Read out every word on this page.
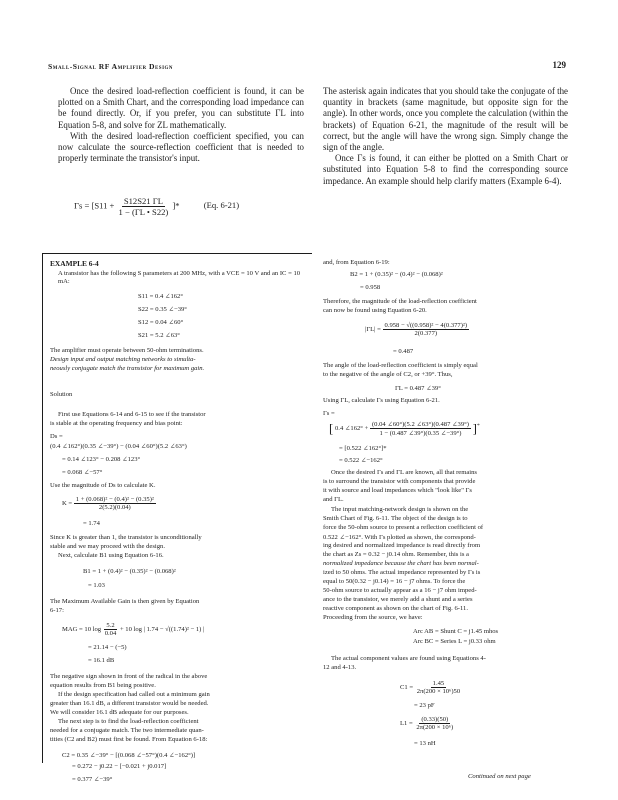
Small-Signal RF Amplifier Design	129

Once the desired load-reflection coefficient is found, it can be plotted on a Smith Chart, and the corresponding load impedance can be found directly. Or, if you prefer, you can substitute ΓL into Equation 5-8, and solve for ZL mathematically.

With the desired load-reflection coefficient specified, you can now calculate the source-reflection coefficient that is needed to properly terminate the transistor's input.

$\Gamma s = [S11 + \frac{S12S21 \Gamma L}{1 - (\Gamma L • S22)}$ ]*	(Eq. 6-21)

The asterisk again indicates that you should take the conjugate of the quantity in brackets (same magnitude, but opposite sign for the angle). In other words, once you complete the calculation (within the brackets) of Equation 6-21, the magnitude of the result will be correct, but the angle will have the wrong sign. Simply change the sign of the angle.

Once Γs is found, it can either be plotted on a Smith Chart or substituted into Equation 5-8 to find the corresponding source impedance. An example should help clarify matters (Example 6-4).

EXAMPLE 6-4
A transistor has the following S parameters at 200 MHz, with a VCE = 10 V and an IC = 10 mA:
S11 = 0.4 ∠162°
S22 = 0.35 ∠−39°
S12 = 0.04 ∠60°
S21 = 5.2 ∠63°
The amplifier must operate between 50-ohm terminations.
Design input and output matching networks to simulta-
neously conjugate match the transistor for maximum gain.
Solution
First use Equations 6-14 and 6-15 to see if the transistor
is stable at the operating frequency and bias point:
Ds =
(0.4 ∠162°)(0.35 ∠−39°) − (0.04 ∠60°)(5.2 ∠63°)
= 0.14 ∠123° − 0.208 ∠123°
= 0.068 ∠−57°
Use the magnitude of Ds to calculate K.
$K = \frac{\text{1 + (0.068)² − (0.4)² − (0.35)²}}{2(5.2)(0.04)}$
= 1.74
Since K is greater than 1, the transistor is unconditionally
stable and we may proceed with the design.
Next, calculate B1 using Equation 6-16.
B1 = 1 + (0.4)² − (0.35)² − (0.068)²
= 1.03
The Maximum Available Gain is then given by Equation
6-17:
MAG = 10 $\log \frac{5.2}{0.04} + 10$ log | 1.74 − √((1.74)² − 1) |
= 21.14 − (−5)
= 16.1 dB
The negative sign shown in front of the radical in the above
equation results from B1 being positive.
If the design specification had called out a minimum gain
greater than 16.1 dB, a different transistor would be needed.
We will consider 16.1 dB adequate for our purposes.
The next step is to find the load-reflection coefficient
needed for a conjugate match. The two intermediate quan-
tities (C2 and B2) must first be found. From Equation 6-18:
C2 = 0.35 ∠−39° − [(0.068 ∠−57°)(0.4 ∠−162°)]
= 0.272 − j0.22 − [−0.021 + j0.017]
= 0.377 ∠−39°
and, from Equation 6-19:
B2 = 1 + (0.35)² − (0.4)² − (0.068)²
= 0.958
Therefore, the magnitude of the load-reflection coefficient
can now be found using Equation 6-20.
$|\Gamma L| = \frac{\text{0.958 − √((0.958)² − 4(0.377)²)}}{2(0.377)}$
= 0.487
The angle of the load-reflection coefficient is simply equal
to the negative of the angle of C2, or +39°. Thus,
ΓL = 0.487 ∠39°
Using ΓL, calculate Γs using Equation 6-21.
Γs =
[ 0.4 ∠162° + $\frac{(0.04 \angle 60^\circ)(5.2 \angle 63^\circ)(0.487 \angle 39^\circ)}{1 - (0.487 \angle 39^\circ)(0.35 \angle-39^\circ)} ]^*$
= [0.522 ∠162°]*
= 0.522 ∠−162°
Once the desired Γs and ΓL are known, all that remains
is to surround the transistor with components that provide
it with source and load impedances which "look like" Γs
and ΓL.
The input matching-network design is shown on the
Smith Chart of Fig. 6-11. The object of the design is to
force the 50-ohm source to present a reflection coefficient of
0.522 ∠−162°. With Γs plotted as shown, the correspond-
ing desired and normalized impedance is read directly from
the chart as Zs = 0.32 − j0.14 ohm. Remember, this is a
normalized impedance because the chart has been normal-
ized to 50 ohms. The actual impedance represented by Γs is
equal to 50(0.32 − j0.14) = 16 − j7 ohms. To force the
50-ohm source to actually appear as a 16 − j7 ohm imped-
ance to the transistor, we merely add a shunt and a series
reactive component as shown on the chart of Fig. 6-11.
Proceeding from the source, we have:
Arc AB = Shunt C = j1.45 mhos
Arc BC = Series L = j0.33 ohm
The actual component values are found using Equations 4-
12 and 4-13.
$C1 = \frac{1.45}{\text{2π(200 × 10⁶)50}}$
= 23 pF
$L1 = \frac{(0.33)(50)}{\text{2π(200 × 10⁶)}}$
= 13 nH
Continued on next page
